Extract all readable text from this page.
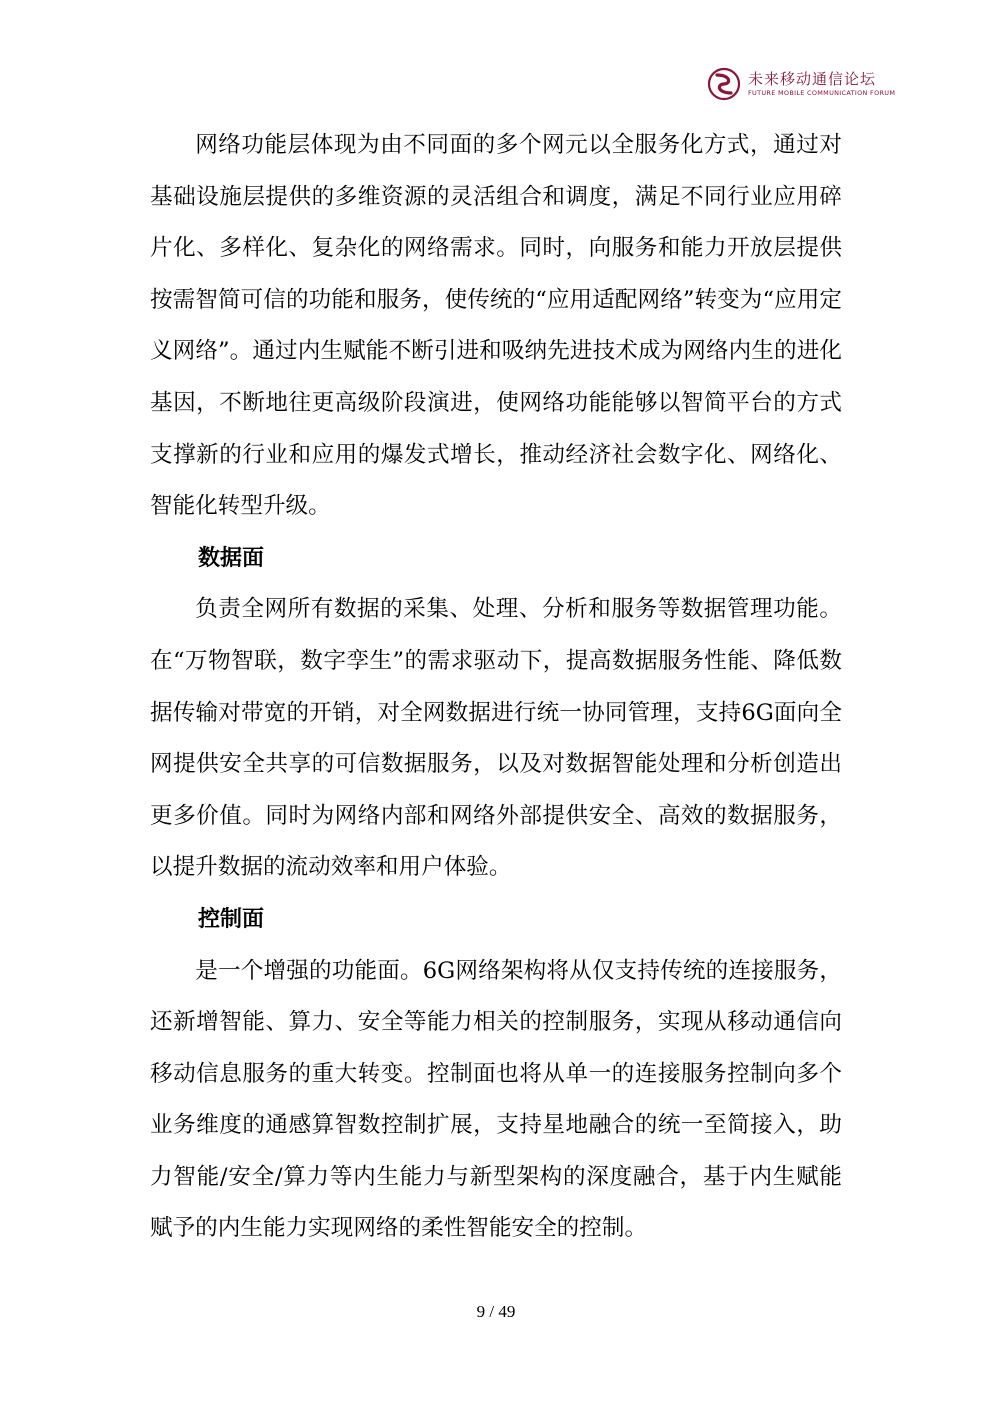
未来移动通信论坛
FUTURE MOBILE COMMUNICATION FORUM

网络功能层体现为由不同面的多个网元以全服务化方式，通过对基础设施层提供的多维资源的灵活组合和调度，满足不同行业应用碎片化、多样化、复杂化的网络需求。同时，向服务和能力开放层提供按需智简可信的功能和服务，使传统的“应用适配网络”转变为“应用定义网络”。通过内生赋能不断引进和吸纳先进技术成为网络内生的进化基因，不断地往更高级阶段演进，使网络功能能够以智简平台的方式支撑新的行业和应用的爆发式增长，推动经济社会数字化、网络化、智能化转型升级。

数据面

负责全网所有数据的采集、处理、分析和服务等数据管理功能。在“万物智联，数字孪生”的需求驱动下，提高数据服务性能、降低数据传输对带宽的开销，对全网数据进行统一协同管理，支持6G面向全网提供安全共享的可信数据服务，以及对数据智能处理和分析创造出更多价值。同时为网络内部和网络外部提供安全、高效的数据服务，以提升数据的流动效率和用户体验。

控制面

是一个增强的功能面。6G网络架构将从仅支持传统的连接服务，还新增智能、算力、安全等能力相关的控制服务，实现从移动通信向移动信息服务的重大转变。控制面也将从单一的连接服务控制向多个业务维度的通感算智数控制扩展，支持星地融合的统一至简接入，助力智能/安全/算力等内生能力与新型架构的深度融合，基于内生赋能赋予的内生能力实现网络的柔性智能安全的控制。

9 / 49
